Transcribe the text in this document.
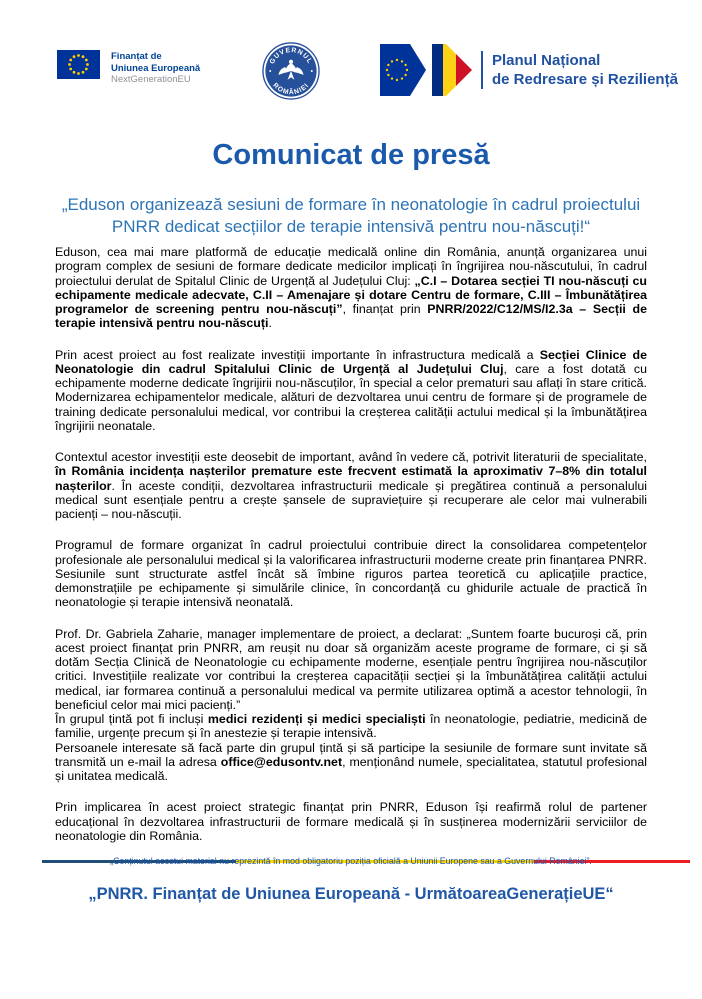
Finanțat de
Uniunea Europeană
NextGenerationEU
GUVERNUL
ROMÂNIEI
Planul Național
de Redresare și Reziliență
Comunicat de presă
„Eduson organizează sesiuni de formare în neonatologie în cadrul proiectului PNRR dedicat secțiilor de terapie intensivă pentru nou-născuți!“

Eduson, cea mai mare platformă de educație medicală online din România, anunță organizarea unui program complex de sesiuni de formare dedicate medicilor implicați în îngrijirea nou-născutului, în cadrul proiectului derulat de Spitalul Clinic de Urgență al Județului Cluj: „C.I – Dotarea secției TI nou-născuți cu echipamente medicale adecvate, C.II – Amenajare și dotare Centru de formare, C.III – Îmbunătățirea programelor de screening pentru nou-născuți”, finanțat prin PNRR/2022/C12/MS/I2.3a – Secții de terapie intensivă pentru nou-născuți.

Prin acest proiect au fost realizate investiții importante în infrastructura medicală a Secției Clinice de Neonatologie din cadrul Spitalului Clinic de Urgență al Județului Cluj, care a fost dotată cu echipamente moderne dedicate îngrijirii nou-născuților, în special a celor prematuri sau aflați în stare critică. Modernizarea echipamentelor medicale, alături de dezvoltarea unui centru de formare și de programele de training dedicate personalului medical, vor contribui la creșterea calității actului medical și la îmbunătățirea îngrijirii neonatale.

Contextul acestor investiții este deosebit de important, având în vedere că, potrivit literaturii de specialitate, în România incidența nașterilor premature este frecvent estimată la aproximativ 7–8% din totalul nașterilor. În aceste condiții, dezvoltarea infrastructurii medicale și pregătirea continuă a personalului medical sunt esențiale pentru a crește șansele de supraviețuire și recuperare ale celor mai vulnerabili pacienți – nou-născuții.

Programul de formare organizat în cadrul proiectului contribuie direct la consolidarea competențelor profesionale ale personalului medical și la valorificarea infrastructurii moderne create prin finanțarea PNRR. Sesiunile sunt structurate astfel încât să îmbine riguros partea teoretică cu aplicațiile practice, demonstrațiile pe echipamente și simulările clinice, în concordanță cu ghidurile actuale de practică în neonatologie și terapie intensivă neonatală.

Prof. Dr. Gabriela Zaharie, manager implementare de proiect, a declarat: „Suntem foarte bucuroși că, prin acest proiect finanțat prin PNRR, am reușit nu doar să organizăm aceste programe de formare, ci și să dotăm Secția Clinică de Neonatologie cu echipamente moderne, esențiale pentru îngrijirea nou-născuților critici. Investițiile realizate vor contribui la creșterea capacității secției și la îmbunătățirea calității actului medical, iar formarea continuă a personalului medical va permite utilizarea optimă a acestor tehnologii, în beneficiul celor mai mici pacienți.”

În grupul țintă pot fi incluși medici rezidenți și medici specialiști în neonatologie, pediatrie, medicină de familie, urgențe precum și în anestezie și terapie intensivă.

Persoanele interesate să facă parte din grupul țintă și să participe la sesiunile de formare sunt invitate să transmită un e-mail la adresa office@edusontv.net, menționând numele, specialitatea, statutul profesional și unitatea medicală.

Prin implicarea în acest proiect strategic finanțat prin PNRR, Eduson își reafirmă rolul de partener educațional în dezvoltarea infrastructurii de formare medicală și în susținerea modernizării serviciilor de neonatologie din România.

„Conținutul acestui material nu reprezintă în mod obligatoriu poziția oficială a Uniunii Europene sau a Guvernului României”.
„PNRR. Finanțat de Uniunea Europeană - UrmătoareaGenerațieUE“
